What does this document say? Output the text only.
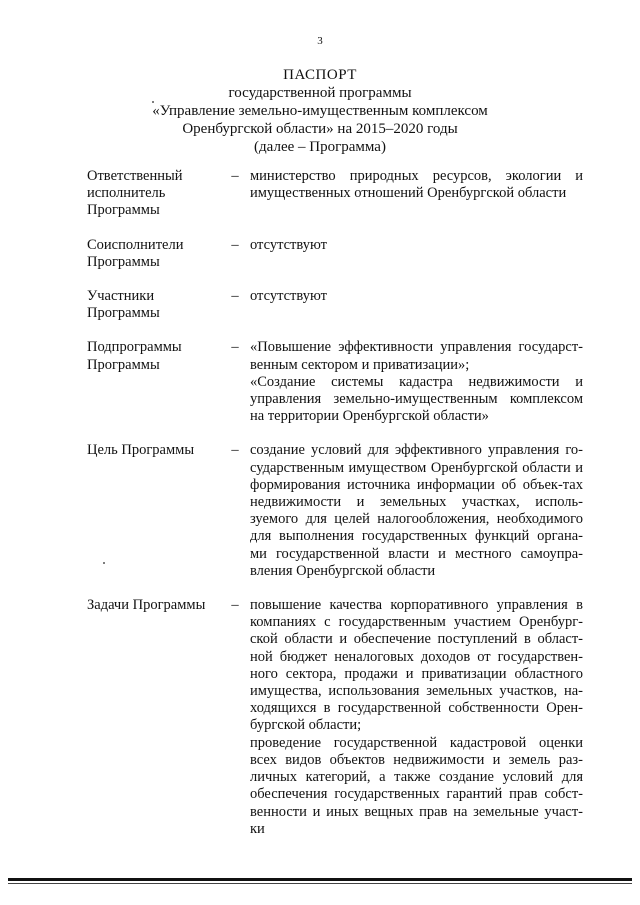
3
ПАСПОРТ
государственной программы
«Управление земельно-имущественным комплексом
Оренбургской области» на 2015–2020 годы
(далее – Программа)
Ответственный
исполнитель
Программы
– министерство природных ресурсов, экологии и имущественных отношений Оренбургской области

Соисполнители
Программы
– отсутствуют

Участники
Программы
– отсутствуют

Подпрограммы
Программы
– «Повышение эффективности управления государст-венным сектором и приватизации»;

«Создание системы кадастра недвижимости и управления земельно-имущественным комплексом на территории Оренбургской области»

Цель Программы	– создание условий для эффективного управления го-сударственным имуществом Оренбургской области и формирования источника информации об объек-тах недвижимости и земельных участках, исполь-зуемого для целей налогообложения, необходимого для выполнения государственных функций органа-ми государственной власти и местного самоупра-вления Оренбургской области

Задачи Программы	– повышение качества корпоративного управления в компаниях с государственным участием Оренбург-ской области и обеспечение поступлений в област-ной бюджет неналоговых доходов от государствен-ного сектора, продажи и приватизации областного имущества, использования земельных участков, на-ходящихся в государственной собственности Орен-бургской области;

проведение государственной кадастровой оценки всех видов объектов недвижимости и земель раз-личных категорий, а также создание условий для обеспечения государственных гарантий прав собст-венности и иных вещных прав на земельные участ-ки
